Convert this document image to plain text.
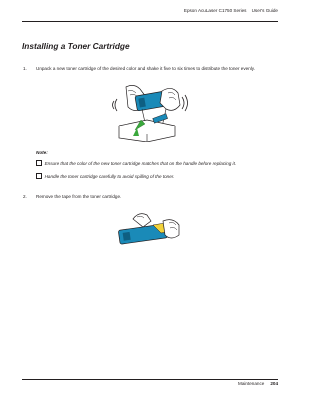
Epson AcuLaser C1750 Series User's Guide
Installing a Toner Cartridge
1. Unpack a new toner cartridge of the desired color and shake it five to six times to distribute the toner evenly.
Note:
Ensure that the color of the new toner cartridge matches that on the handle before replacing it.
Handle the toner cartridge carefully to avoid spilling of the toner.
2. Remove the tape from the toner cartridge.
Maintenance 204
